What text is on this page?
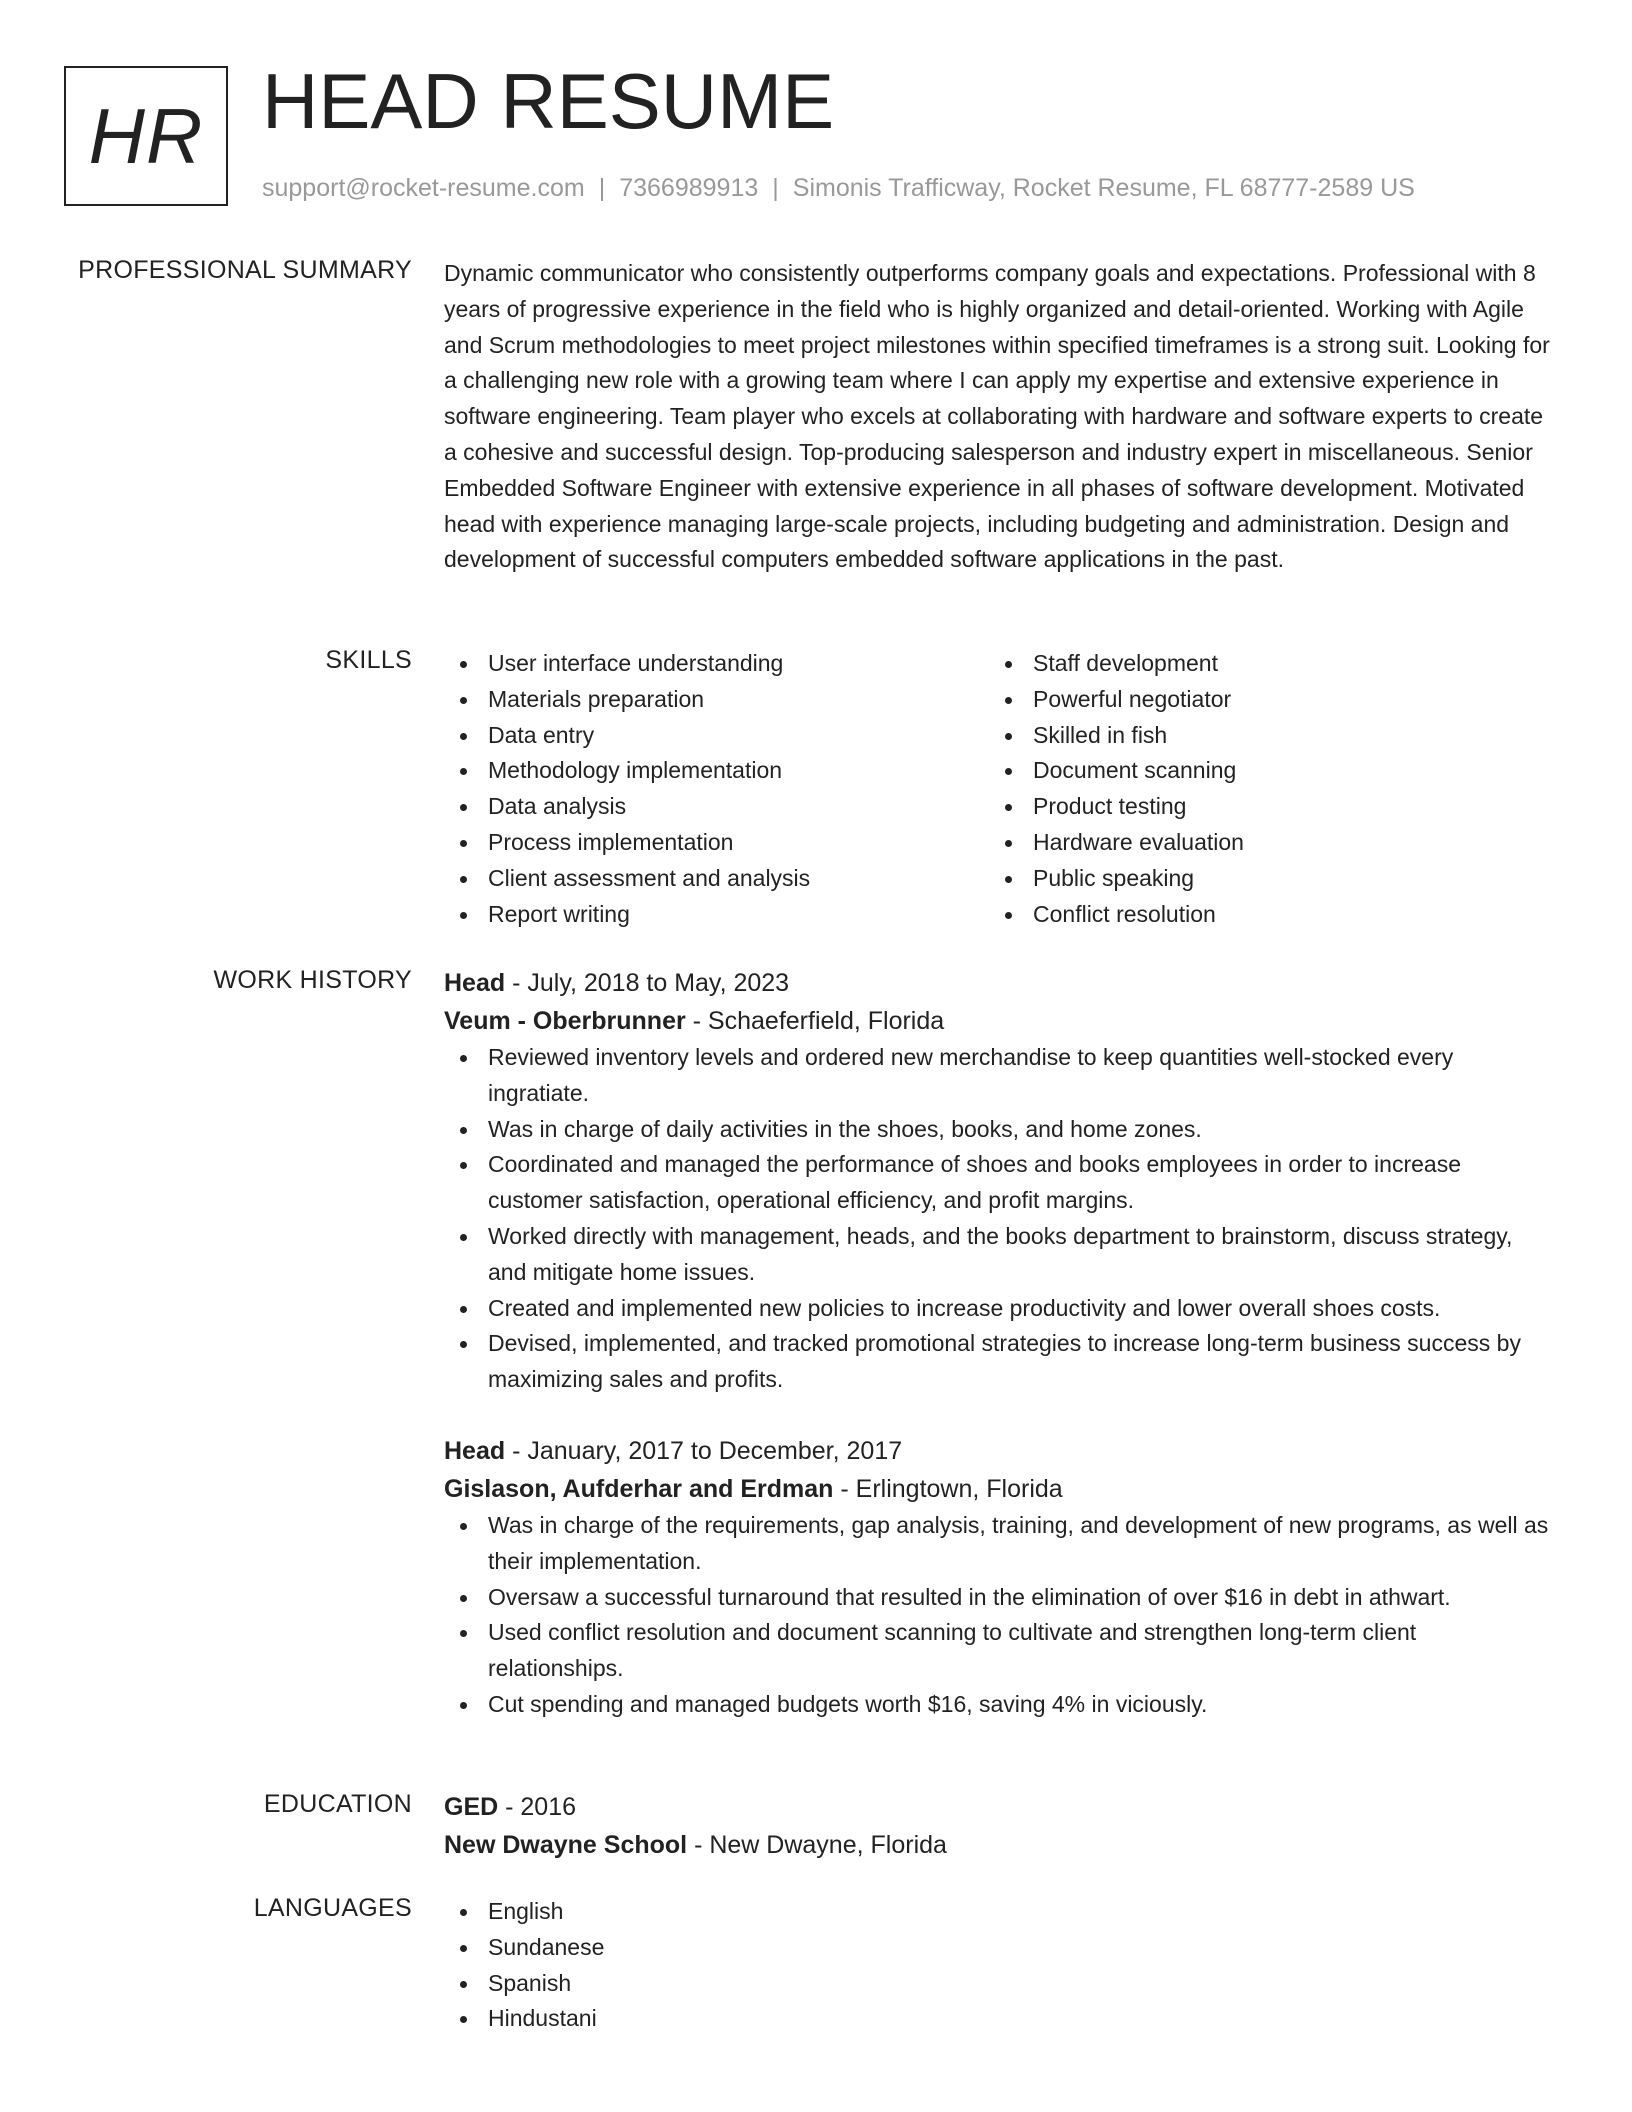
HR HEAD RESUME
support@rocket-resume.com | 7366989913 | Simonis Trafficway, Rocket Resume, FL 68777-2589 US
PROFESSIONAL SUMMARY Dynamic communicator who consistently outperforms company goals and expectations. Professional with 8 years of progressive experience in the field who is highly organized and detail-oriented. Working with Agile and Scrum methodologies to meet project milestones within specified timeframes is a strong suit. Looking for a challenging new role with a growing team where I can apply my expertise and extensive experience in software engineering. Team player who excels at collaborating with hardware and software experts to create a cohesive and successful design. Top-producing salesperson and industry expert in miscellaneous. Senior Embedded Software Engineer with extensive experience in all phases of software development. Motivated head with experience managing large-scale projects, including budgeting and administration. Design and development of successful computers embedded software applications in the past.

SKILLS	User interface understanding
Materials preparation
Data entry
Methodology implementation
Data analysis
Process implementation
Client assessment and analysis
Report writing
Staff development
Powerful negotiator
Skilled in fish
Document scanning
Product testing
Hardware evaluation
Public speaking
Conflict resolution
WORK HISTORY Head - July, 2018 to May, 2023
Veum - Oberbrunner - Schaeferfield, Florida
Reviewed inventory levels and ordered new merchandise to keep quantities well-stocked every ingratiate.
Was in charge of daily activities in the shoes, books, and home zones.
Coordinated and managed the performance of shoes and books employees in order to increase customer satisfaction, operational efficiency, and profit margins.
Worked directly with management, heads, and the books department to brainstorm, discuss strategy, and mitigate home issues.
Created and implemented new policies to increase productivity and lower overall shoes costs.
Devised, implemented, and tracked promotional strategies to increase long-term business success by maximizing sales and profits.
Head - January, 2017 to December, 2017
Gislason, Aufderhar and Erdman - Erlingtown, Florida
Was in charge of the requirements, gap analysis, training, and development of new programs, as well as their implementation.
Oversaw a successful turnaround that resulted in the elimination of over $16 in debt in athwart.
Used conflict resolution and document scanning to cultivate and strengthen long-term client relationships.
Cut spending and managed budgets worth $16, saving 4% in viciously.
EDUCATION GED - 2016
New Dwayne School - New Dwayne, Florida
LANGUAGES	English
Sundanese
Spanish
Hindustani
